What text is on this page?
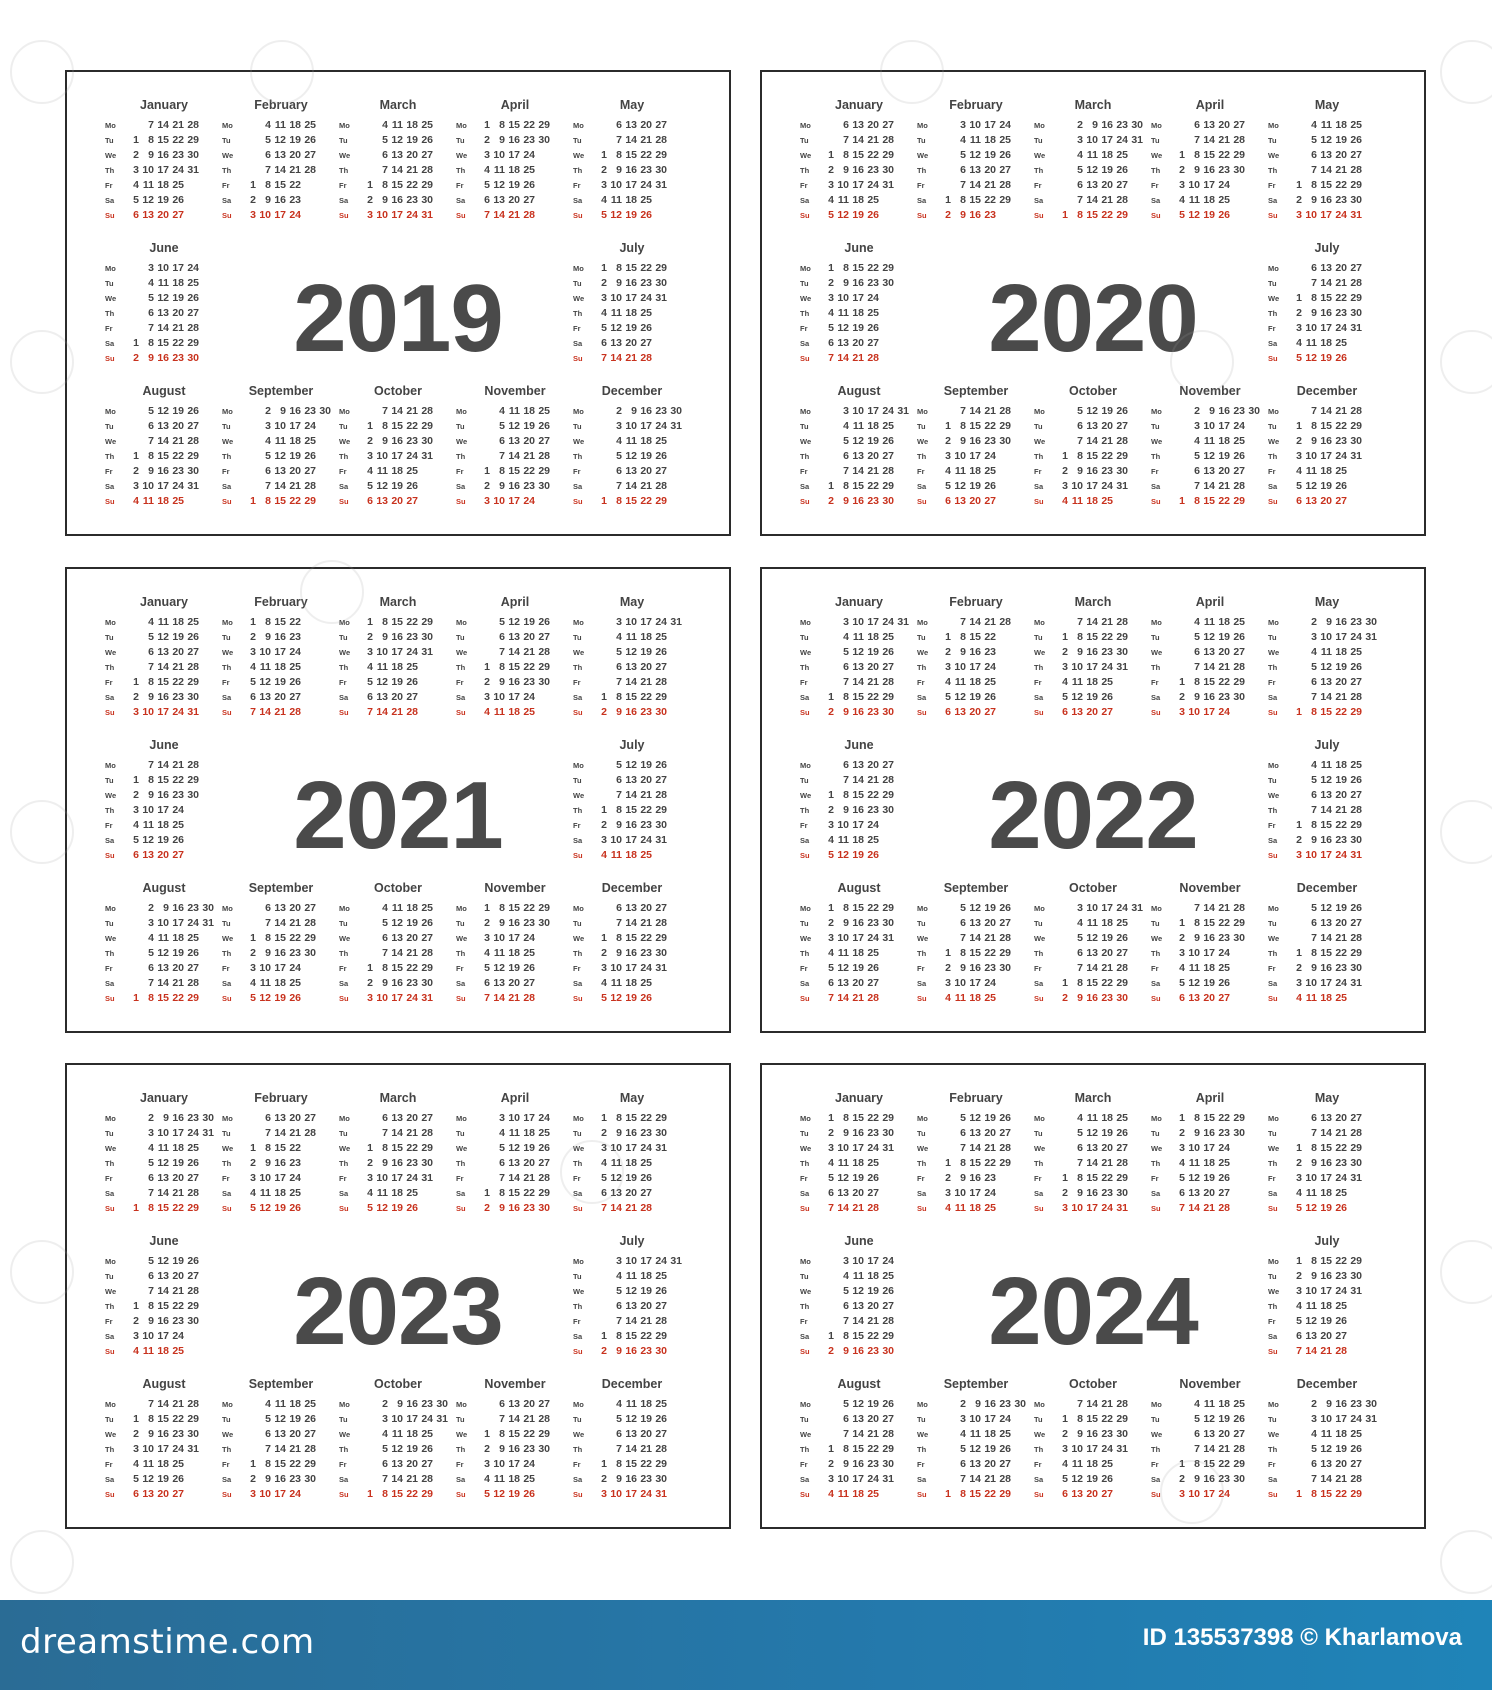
2019
January
Mo	7 14 21 28
Tu	1 8 15 22 29
We	2 9 16 23 30
Th	3 10 17 24 31
Fr	4 11 18 25
Sa	5 12 19 26
Su	6 13 20 27
February
Mo	4 11 18 25
Tu	5 12 19 26
We	6 13 20 27
Th	7 14 21 28
Fr	1 8 15 22
Sa	2 9 16 23
Su	3 10 17 24
March
Mo	4 11 18 25
Tu	5 12 19 26
We	6 13 20 27
Th	7 14 21 28
Fr	1 8 15 22 29
Sa	2 9 16 23 30
Su	3 10 17 24 31
April
Mo	1 8 15 22 29
Tu	2 9 16 23 30
We	3 10 17 24
Th	4 11 18 25
Fr	5 12 19 26
Sa	6 13 20 27
Su	7 14 21 28
May
Mo	6 13 20 27
Tu	7 14 21 28
We	1 8 15 22 29
Th	2 9 16 23 30
Fr	3 10 17 24 31
Sa	4 11 18 25
Su	5 12 19 26
June
Mo	3 10 17 24
Tu	4 11 18 25
We	5 12 19 26
Th	6 13 20 27
Fr	7 14 21 28
Sa	1 8 15 22 29
Su	2 9 16 23 30
July
Mo	1 8 15 22 29
Tu	2 9 16 23 30
We	3 10 17 24 31
Th	4 11 18 25
Fr	5 12 19 26
Sa	6 13 20 27
Su	7 14 21 28
August
Mo	5 12 19 26
Tu	6 13 20 27
We	7 14 21 28
Th	1 8 15 22 29
Fr	2 9 16 23 30
Sa	3 10 17 24 31
Su	4 11 18 25
September
Mo	2 9 16 23 30
Tu	3 10 17 24
We	4 11 18 25
Th	5 12 19 26
Fr	6 13 20 27
Sa	7 14 21 28
Su	1 8 15 22 29
October
Mo	7 14 21 28
Tu	1 8 15 22 29
We	2 9 16 23 30
Th	3 10 17 24 31
Fr	4 11 18 25
Sa	5 12 19 26
Su	6 13 20 27
November
Mo	4 11 18 25
Tu	5 12 19 26
We	6 13 20 27
Th	7 14 21 28
Fr	1 8 15 22 29
Sa	2 9 16 23 30
Su	3 10 17 24
December
Mo	2 9 16 23 30
Tu	3 10 17 24 31
We	4 11 18 25
Th	5 12 19 26
Fr	6 13 20 27
Sa	7 14 21 28
Su	1 8 15 22 29
2020
January
Mo	6 13 20 27
Tu	7 14 21 28
We	1 8 15 22 29
Th	2 9 16 23 30
Fr	3 10 17 24 31
Sa	4 11 18 25
Su	5 12 19 26
February
Mo	3 10 17 24
Tu	4 11 18 25
We	5 12 19 26
Th	6 13 20 27
Fr	7 14 21 28
Sa	1 8 15 22 29
Su	2 9 16 23
March
Mo	2 9 16 23 30
Tu	3 10 17 24 31
We	4 11 18 25
Th	5 12 19 26
Fr	6 13 20 27
Sa	7 14 21 28
Su	1 8 15 22 29
April
Mo	6 13 20 27
Tu	7 14 21 28
We	1 8 15 22 29
Th	2 9 16 23 30
Fr	3 10 17 24
Sa	4 11 18 25
Su	5 12 19 26
May
Mo	4 11 18 25
Tu	5 12 19 26
We	6 13 20 27
Th	7 14 21 28
Fr	1 8 15 22 29
Sa	2 9 16 23 30
Su	3 10 17 24 31
June
Mo	1 8 15 22 29
Tu	2 9 16 23 30
We	3 10 17 24
Th	4 11 18 25
Fr	5 12 19 26
Sa	6 13 20 27
Su	7 14 21 28
July
Mo	6 13 20 27
Tu	7 14 21 28
We	1 8 15 22 29
Th	2 9 16 23 30
Fr	3 10 17 24 31
Sa	4 11 18 25
Su	5 12 19 26
August
Mo	3 10 17 24 31
Tu	4 11 18 25
We	5 12 19 26
Th	6 13 20 27
Fr	7 14 21 28
Sa	1 8 15 22 29
Su	2 9 16 23 30
September
Mo	7 14 21 28
Tu	1 8 15 22 29
We	2 9 16 23 30
Th	3 10 17 24
Fr	4 11 18 25
Sa	5 12 19 26
Su	6 13 20 27
October
Mo	5 12 19 26
Tu	6 13 20 27
We	7 14 21 28
Th	1 8 15 22 29
Fr	2 9 16 23 30
Sa	3 10 17 24 31
Su	4 11 18 25
November
Mo	2 9 16 23 30
Tu	3 10 17 24
We	4 11 18 25
Th	5 12 19 26
Fr	6 13 20 27
Sa	7 14 21 28
Su	1 8 15 22 29
December
Mo	7 14 21 28
Tu	1 8 15 22 29
We	2 9 16 23 30
Th	3 10 17 24 31
Fr	4 11 18 25
Sa	5 12 19 26
Su	6 13 20 27
2021
January
Mo	4 11 18 25
Tu	5 12 19 26
We	6 13 20 27
Th	7 14 21 28
Fr	1 8 15 22 29
Sa	2 9 16 23 30
Su	3 10 17 24 31
February
Mo	1 8 15 22
Tu	2 9 16 23
We	3 10 17 24
Th	4 11 18 25
Fr	5 12 19 26
Sa	6 13 20 27
Su	7 14 21 28
March
Mo	1 8 15 22 29
Tu	2 9 16 23 30
We	3 10 17 24 31
Th	4 11 18 25
Fr	5 12 19 26
Sa	6 13 20 27
Su	7 14 21 28
April
Mo	5 12 19 26
Tu	6 13 20 27
We	7 14 21 28
Th	1 8 15 22 29
Fr	2 9 16 23 30
Sa	3 10 17 24
Su	4 11 18 25
May
Mo	3 10 17 24 31
Tu	4 11 18 25
We	5 12 19 26
Th	6 13 20 27
Fr	7 14 21 28
Sa	1 8 15 22 29
Su	2 9 16 23 30
June
Mo	7 14 21 28
Tu	1 8 15 22 29
We	2 9 16 23 30
Th	3 10 17 24
Fr	4 11 18 25
Sa	5 12 19 26
Su	6 13 20 27
July
Mo	5 12 19 26
Tu	6 13 20 27
We	7 14 21 28
Th	1 8 15 22 29
Fr	2 9 16 23 30
Sa	3 10 17 24 31
Su	4 11 18 25
August
Mo	2 9 16 23 30
Tu	3 10 17 24 31
We	4 11 18 25
Th	5 12 19 26
Fr	6 13 20 27
Sa	7 14 21 28
Su	1 8 15 22 29
September
Mo	6 13 20 27
Tu	7 14 21 28
We	1 8 15 22 29
Th	2 9 16 23 30
Fr	3 10 17 24
Sa	4 11 18 25
Su	5 12 19 26
October
Mo	4 11 18 25
Tu	5 12 19 26
We	6 13 20 27
Th	7 14 21 28
Fr	1 8 15 22 29
Sa	2 9 16 23 30
Su	3 10 17 24 31
November
Mo	1 8 15 22 29
Tu	2 9 16 23 30
We	3 10 17 24
Th	4 11 18 25
Fr	5 12 19 26
Sa	6 13 20 27
Su	7 14 21 28
December
Mo	6 13 20 27
Tu	7 14 21 28
We	1 8 15 22 29
Th	2 9 16 23 30
Fr	3 10 17 24 31
Sa	4 11 18 25
Su	5 12 19 26
2022
January
Mo	3 10 17 24 31
Tu	4 11 18 25
We	5 12 19 26
Th	6 13 20 27
Fr	7 14 21 28
Sa	1 8 15 22 29
Su	2 9 16 23 30
February
Mo	7 14 21 28
Tu	1 8 15 22
We	2 9 16 23
Th	3 10 17 24
Fr	4 11 18 25
Sa	5 12 19 26
Su	6 13 20 27
March
Mo	7 14 21 28
Tu	1 8 15 22 29
We	2 9 16 23 30
Th	3 10 17 24 31
Fr	4 11 18 25
Sa	5 12 19 26
Su	6 13 20 27
April
Mo	4 11 18 25
Tu	5 12 19 26
We	6 13 20 27
Th	7 14 21 28
Fr	1 8 15 22 29
Sa	2 9 16 23 30
Su	3 10 17 24
May
Mo	2 9 16 23 30
Tu	3 10 17 24 31
We	4 11 18 25
Th	5 12 19 26
Fr	6 13 20 27
Sa	7 14 21 28
Su	1 8 15 22 29
June
Mo	6 13 20 27
Tu	7 14 21 28
We	1 8 15 22 29
Th	2 9 16 23 30
Fr	3 10 17 24
Sa	4 11 18 25
Su	5 12 19 26
July
Mo	4 11 18 25
Tu	5 12 19 26
We	6 13 20 27
Th	7 14 21 28
Fr	1 8 15 22 29
Sa	2 9 16 23 30
Su	3 10 17 24 31
August
Mo	1 8 15 22 29
Tu	2 9 16 23 30
We	3 10 17 24 31
Th	4 11 18 25
Fr	5 12 19 26
Sa	6 13 20 27
Su	7 14 21 28
September
Mo	5 12 19 26
Tu	6 13 20 27
We	7 14 21 28
Th	1 8 15 22 29
Fr	2 9 16 23 30
Sa	3 10 17 24
Su	4 11 18 25
October
Mo	3 10 17 24 31
Tu	4 11 18 25
We	5 12 19 26
Th	6 13 20 27
Fr	7 14 21 28
Sa	1 8 15 22 29
Su	2 9 16 23 30
November
Mo	7 14 21 28
Tu	1 8 15 22 29
We	2 9 16 23 30
Th	3 10 17 24
Fr	4 11 18 25
Sa	5 12 19 26
Su	6 13 20 27
December
Mo	5 12 19 26
Tu	6 13 20 27
We	7 14 21 28
Th	1 8 15 22 29
Fr	2 9 16 23 30
Sa	3 10 17 24 31
Su	4 11 18 25
2023
January
Mo	2 9 16 23 30
Tu	3 10 17 24 31
We	4 11 18 25
Th	5 12 19 26
Fr	6 13 20 27
Sa	7 14 21 28
Su	1 8 15 22 29
February
Mo	6 13 20 27
Tu	7 14 21 28
We	1 8 15 22
Th	2 9 16 23
Fr	3 10 17 24
Sa	4 11 18 25
Su	5 12 19 26
March
Mo	6 13 20 27
Tu	7 14 21 28
We	1 8 15 22 29
Th	2 9 16 23 30
Fr	3 10 17 24 31
Sa	4 11 18 25
Su	5 12 19 26
April
Mo	3 10 17 24
Tu	4 11 18 25
We	5 12 19 26
Th	6 13 20 27
Fr	7 14 21 28
Sa	1 8 15 22 29
Su	2 9 16 23 30
May
Mo	1 8 15 22 29
Tu	2 9 16 23 30
We	3 10 17 24 31
Th	4 11 18 25
Fr	5 12 19 26
Sa	6 13 20 27
Su	7 14 21 28
June
Mo	5 12 19 26
Tu	6 13 20 27
We	7 14 21 28
Th	1 8 15 22 29
Fr	2 9 16 23 30
Sa	3 10 17 24
Su	4 11 18 25
July
Mo	3 10 17 24 31
Tu	4 11 18 25
We	5 12 19 26
Th	6 13 20 27
Fr	7 14 21 28
Sa	1 8 15 22 29
Su	2 9 16 23 30
August
Mo	7 14 21 28
Tu	1 8 15 22 29
We	2 9 16 23 30
Th	3 10 17 24 31
Fr	4 11 18 25
Sa	5 12 19 26
Su	6 13 20 27
September
Mo	4 11 18 25
Tu	5 12 19 26
We	6 13 20 27
Th	7 14 21 28
Fr	1 8 15 22 29
Sa	2 9 16 23 30
Su	3 10 17 24
October
Mo	2 9 16 23 30
Tu	3 10 17 24 31
We	4 11 18 25
Th	5 12 19 26
Fr	6 13 20 27
Sa	7 14 21 28
Su	1 8 15 22 29
November
Mo	6 13 20 27
Tu	7 14 21 28
We	1 8 15 22 29
Th	2 9 16 23 30
Fr	3 10 17 24
Sa	4 11 18 25
Su	5 12 19 26
December
Mo	4 11 18 25
Tu	5 12 19 26
We	6 13 20 27
Th	7 14 21 28
Fr	1 8 15 22 29
Sa	2 9 16 23 30
Su	3 10 17 24 31
2024
January
Mo	1 8 15 22 29
Tu	2 9 16 23 30
We	3 10 17 24 31
Th	4 11 18 25
Fr	5 12 19 26
Sa	6 13 20 27
Su	7 14 21 28
February
Mo	5 12 19 26
Tu	6 13 20 27
We	7 14 21 28
Th	1 8 15 22 29
Fr	2 9 16 23
Sa	3 10 17 24
Su	4 11 18 25
March
Mo	4 11 18 25
Tu	5 12 19 26
We	6 13 20 27
Th	7 14 21 28
Fr	1 8 15 22 29
Sa	2 9 16 23 30
Su	3 10 17 24 31
April
Mo	1 8 15 22 29
Tu	2 9 16 23 30
We	3 10 17 24
Th	4 11 18 25
Fr	5 12 19 26
Sa	6 13 20 27
Su	7 14 21 28
May
Mo	6 13 20 27
Tu	7 14 21 28
We	1 8 15 22 29
Th	2 9 16 23 30
Fr	3 10 17 24 31
Sa	4 11 18 25
Su	5 12 19 26
June
Mo	3 10 17 24
Tu	4 11 18 25
We	5 12 19 26
Th	6 13 20 27
Fr	7 14 21 28
Sa	1 8 15 22 29
Su	2 9 16 23 30
July
Mo	1 8 15 22 29
Tu	2 9 16 23 30
We	3 10 17 24 31
Th	4 11 18 25
Fr	5 12 19 26
Sa	6 13 20 27
Su	7 14 21 28
August
Mo	5 12 19 26
Tu	6 13 20 27
We	7 14 21 28
Th	1 8 15 22 29
Fr	2 9 16 23 30
Sa	3 10 17 24 31
Su	4 11 18 25
September
Mo	2 9 16 23 30
Tu	3 10 17 24
We	4 11 18 25
Th	5 12 19 26
Fr	6 13 20 27
Sa	7 14 21 28
Su	1 8 15 22 29
October
Mo	7 14 21 28
Tu	1 8 15 22 29
We	2 9 16 23 30
Th	3 10 17 24 31
Fr	4 11 18 25
Sa	5 12 19 26
Su	6 13 20 27
November
Mo	4 11 18 25
Tu	5 12 19 26
We	6 13 20 27
Th	7 14 21 28
Fr	1 8 15 22 29
Sa	2 9 16 23 30
Su	3 10 17 24
December
Mo	2 9 16 23 30
Tu	3 10 17 24 31
We	4 11 18 25
Th	5 12 19 26
Fr	6 13 20 27
Sa	7 14 21 28
Su	1 8 15 22 29
dreamstime.com	ID 135537398 © Kharlamova
